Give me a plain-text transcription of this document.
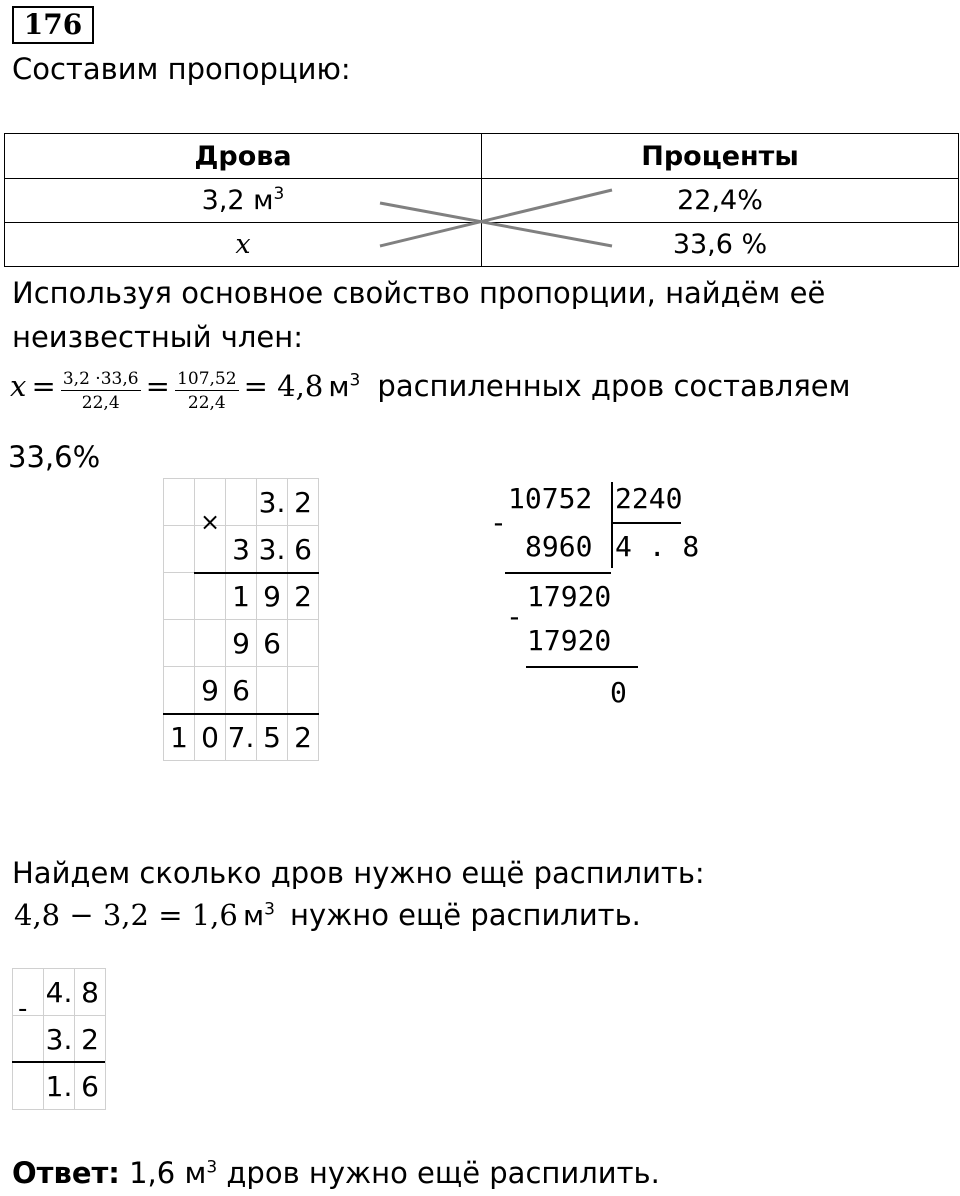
176
Составим пропорцию:
Дрова	Проценты
3,2 $м^3$	22,4%
x	33,6 %
Используя основное свойство пропорции, найдём её
неизвестный член:
$x = \frac{3,2 \cdot 33,6}{22,4} = \frac{107,52}{22,4} = 4,8$ $м^3$ распиленных дров составляем
33,6%
			3.	2
		3	3.	6
		1	9	2
		9	6	
	9	6		
1	0	7.	5	2
×
10752 2240
-
8960 4 . 8
17920
-
17920
0
Найдем сколько дров нужно ещё распилить:
4,8 − 3,2 = 1,6 $м^3$ нужно ещё распилить.
	4.	8
	3.	2
	1.	6
-
Ответ: 1,6 $м^3$ дров нужно ещё распилить.
